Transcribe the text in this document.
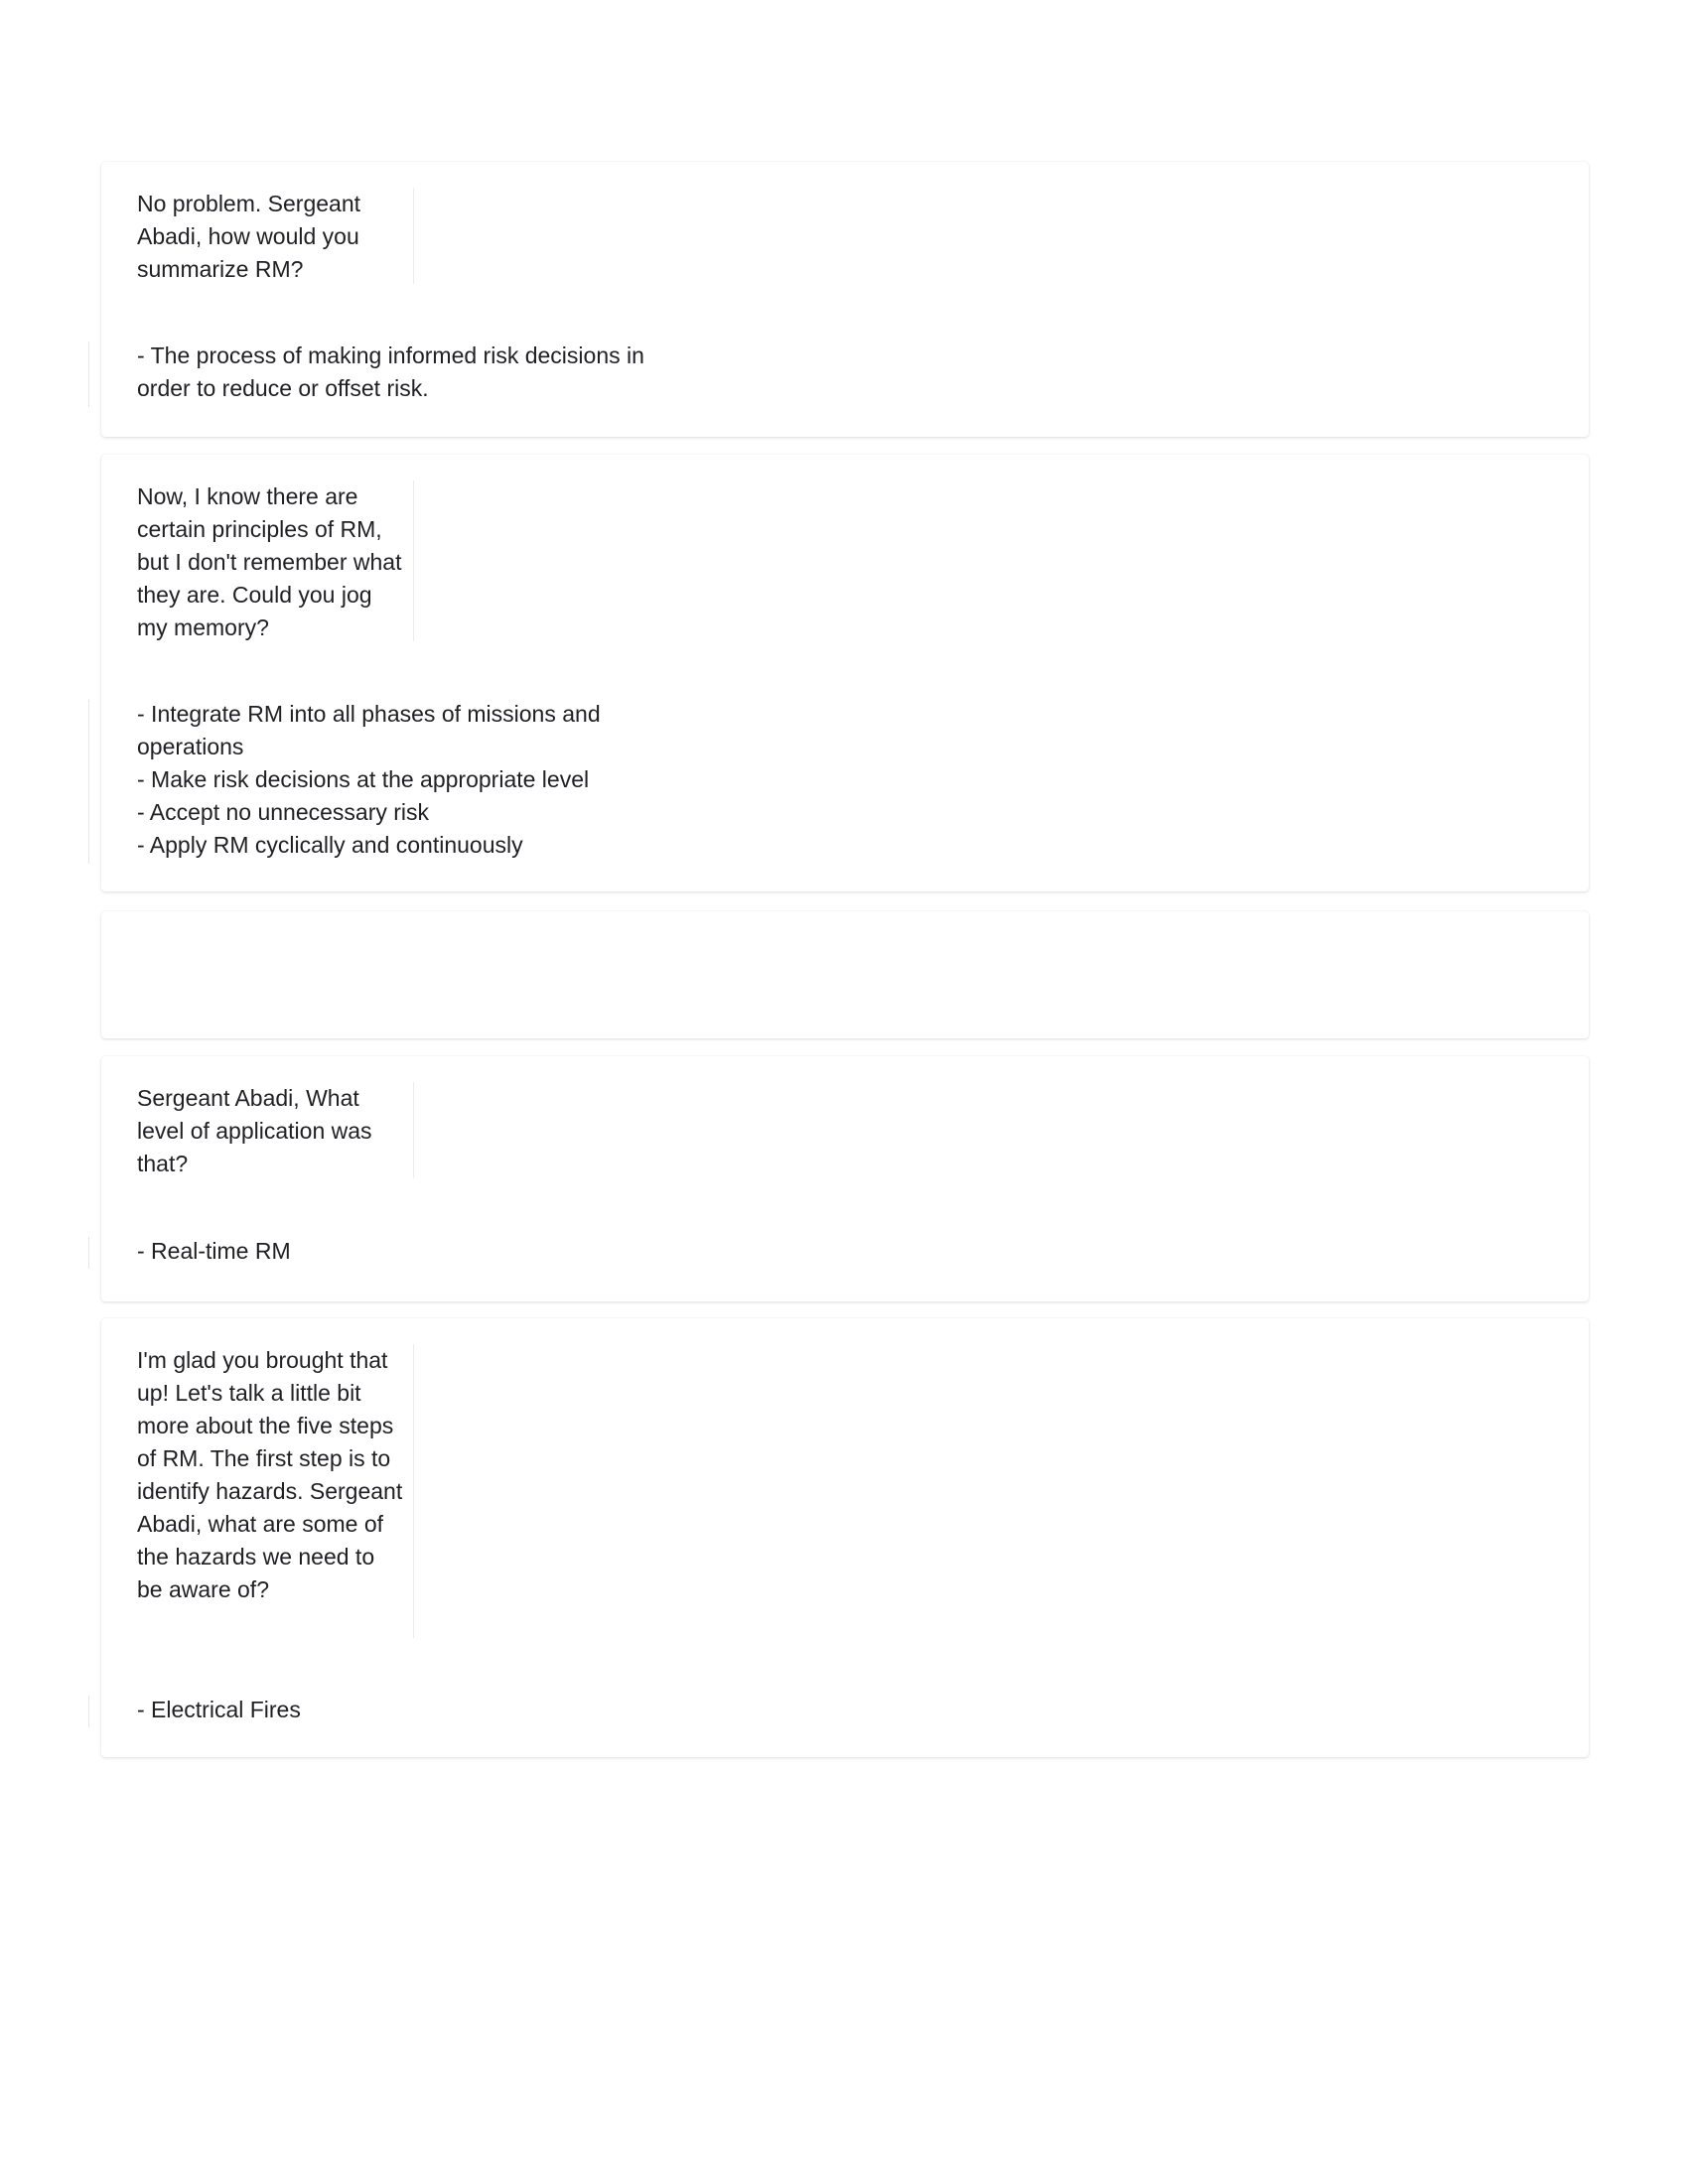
No problem. Sergeant Abadi, how would you summarize RM?
- The process of making informed risk decisions in order to reduce or offset risk.
Now, I know there are certain principles of RM, but I don't remember what they are. Could you jog my memory?
- Integrate RM into all phases of missions and operations
- Make risk decisions at the appropriate level
- Accept no unnecessary risk
- Apply RM cyclically and continuously
Sergeant Abadi, What level of application was that?
- Real-time RM
I'm glad you brought that up! Let's talk a little bit more about the five steps of RM. The first step is to identify hazards. Sergeant Abadi, what are some of the hazards we need to be aware of?
- Electrical Fires
